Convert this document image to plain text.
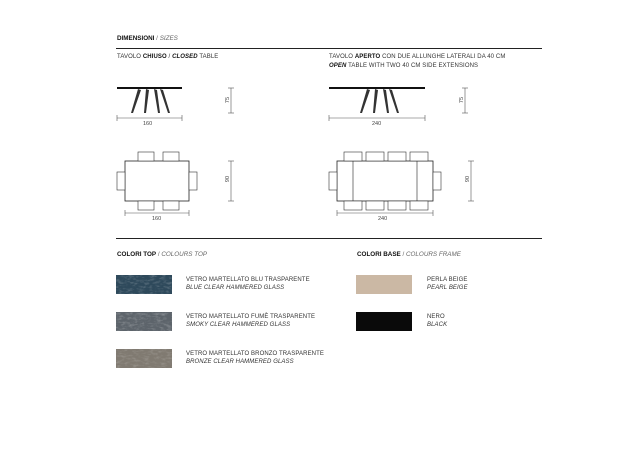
DIMENSIONI / SIZES
TAVOLO CHIUSO / CLOSED TABLE	TAVOLO APERTO CON DUE ALLUNGHE LATERALI DA 40 CM
OPEN TABLE WITH TWO 40 CM SIDE EXTENSIONS
160
75
160
90
240
75
240
90
COLORI TOP / COLOURS TOP
VETRO MARTELLATO BLU TRASPARENTE
BLUE CLEAR HAMMERED GLASS
VETRO MARTELLATO FUMÈ TRASPARENTE
SMOKY CLEAR HAMMERED GLASS
VETRO MARTELLATO BRONZO TRASPARENTE
BRONZE CLEAR HAMMERED GLASS
COLORI BASE / COLOURS FRAME
PERLA BEIGE
PEARL BEIGE
NERO
BLACK
